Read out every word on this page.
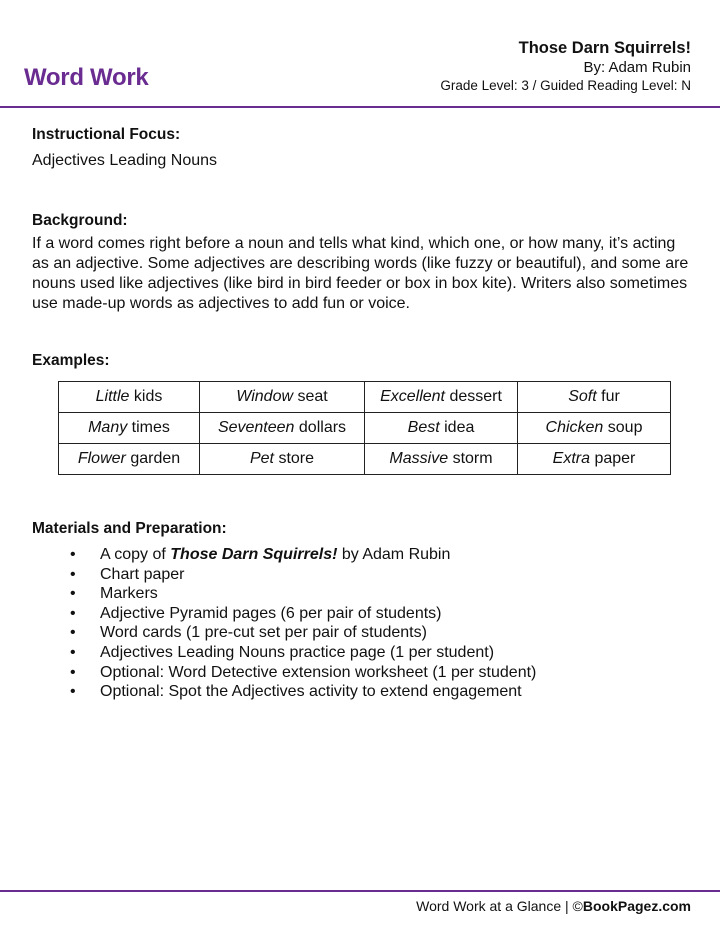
Word Work
Those Darn Squirrels!
By: Adam Rubin
Grade Level: 3 / Guided Reading Level: N
Instructional Focus:
Adjectives Leading Nouns
Background:
If a word comes right before a noun and tells what kind, which one, or how many, it’s acting as an adjective. Some adjectives are describing words (like fuzzy or beautiful), and some are nouns used like adjectives (like bird in bird feeder or box in box kite). Writers also sometimes use made-up words as adjectives to add fun or voice.
Examples:
Little kids	Window seat	Excellent dessert	Soft fur
Many times	Seventeen dollars	Best idea	Chicken soup
Flower garden	Pet store	Massive storm	Extra paper
Materials and Preparation:
• A copy of Those Darn Squirrels! by Adam Rubin
• Chart paper
• Markers
• Adjective Pyramid pages (6 per pair of students)
• Word cards (1 pre-cut set per pair of students)
• Adjectives Leading Nouns practice page (1 per student)
• Optional: Word Detective extension worksheet (1 per student)
• Optional: Spot the Adjectives activity to extend engagement
Word Work at a Glance | ©BookPagez.com
